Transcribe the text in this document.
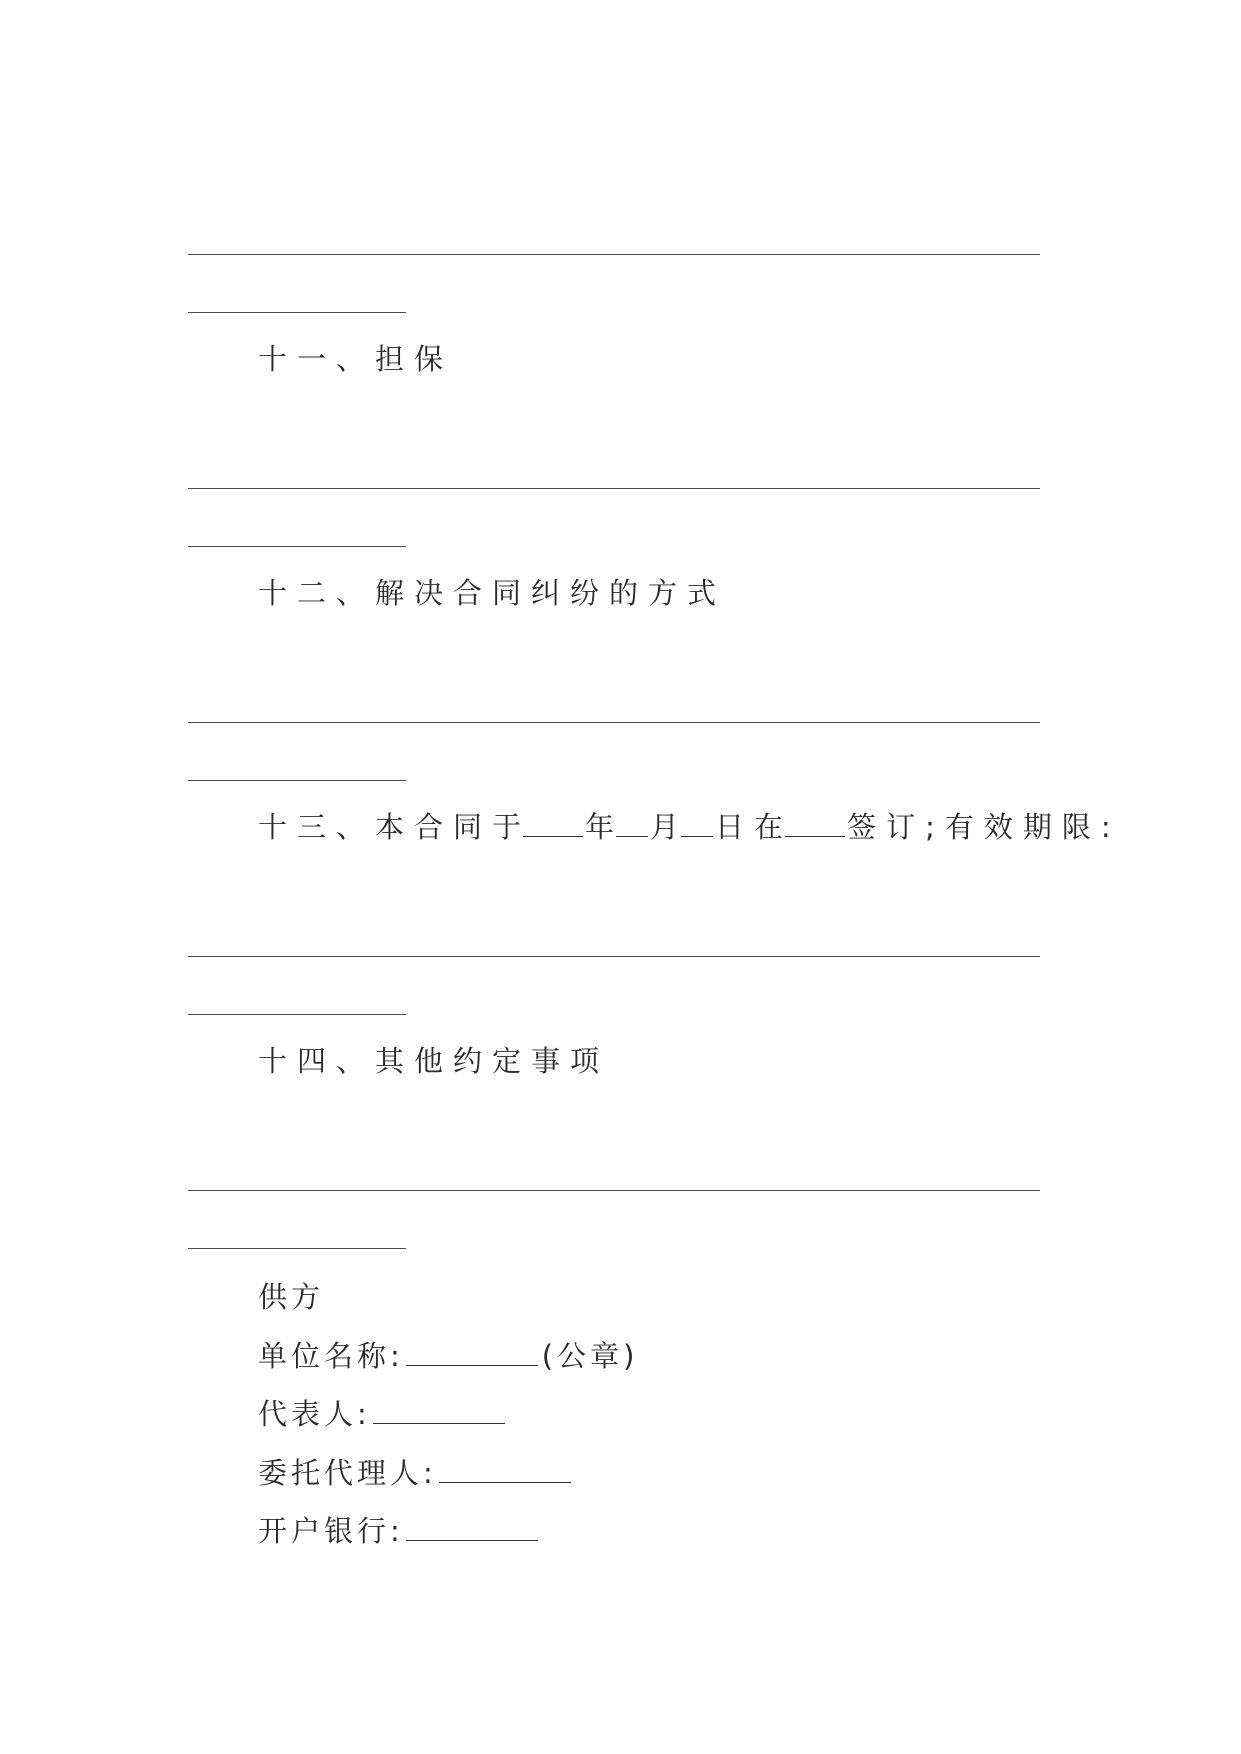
十一、担保
十二、解决合同纠纷的方式
十三、本合同于 年 月 日在 签订;有效期限:
十四、其他约定事项
供方
单位名称:	(公章)
代表人:
委托代理人:
开户银行:
